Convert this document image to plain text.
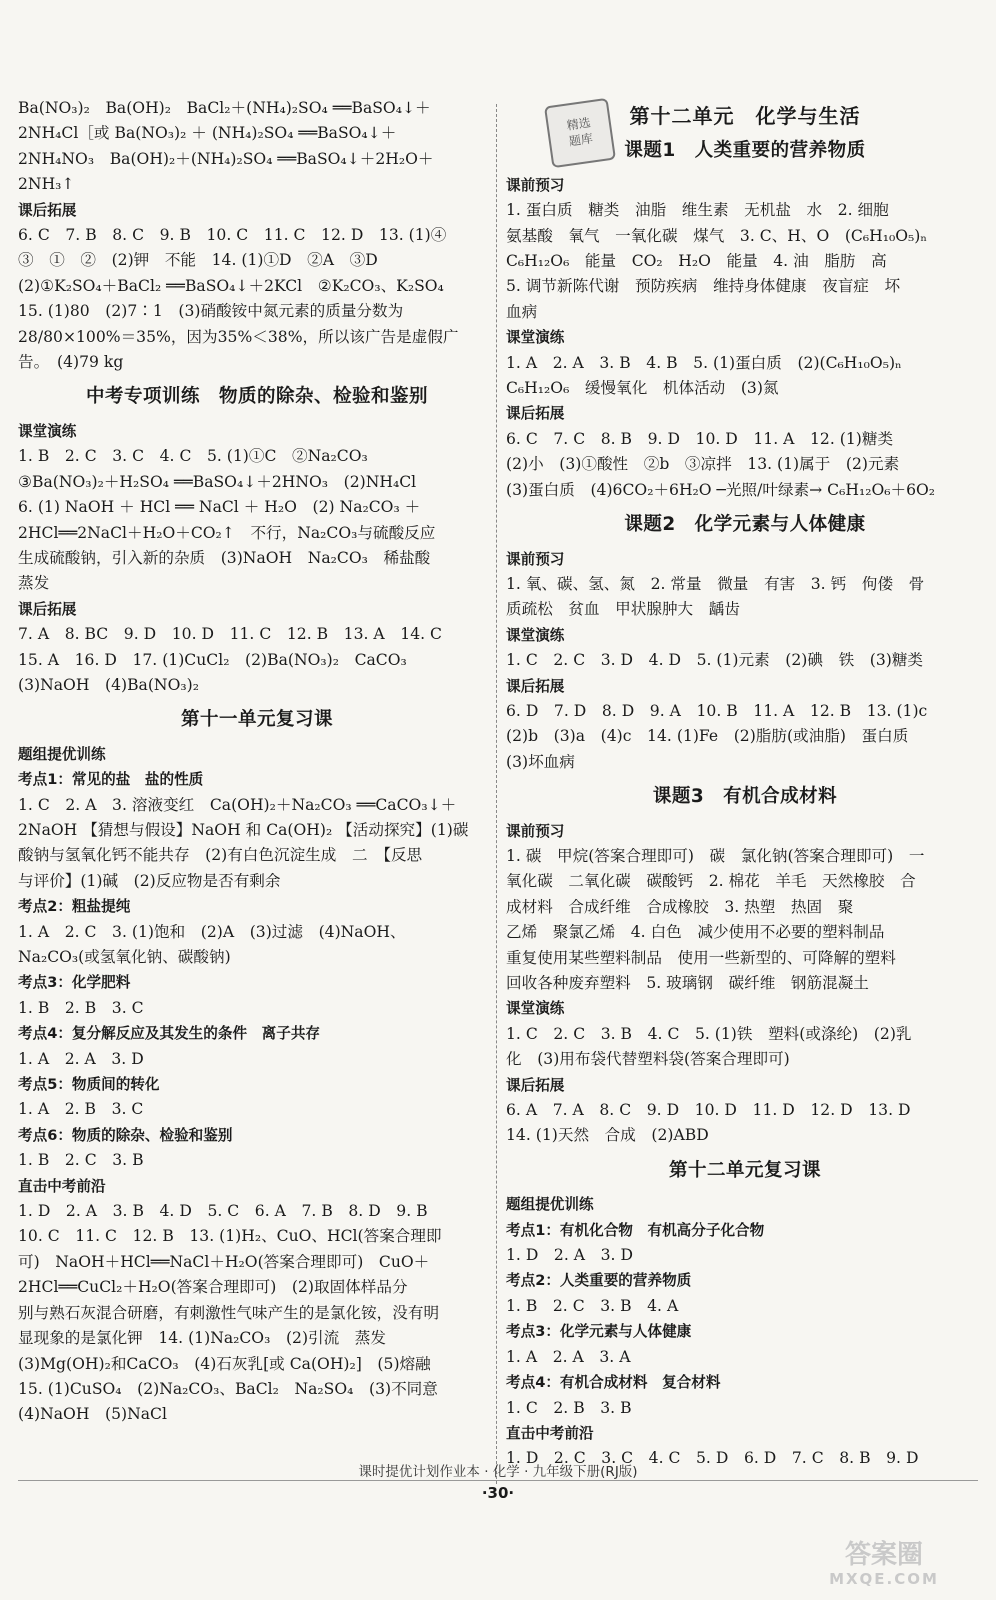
Ba(NO₃)₂　Ba(OH)₂　BaCl₂＋(NH₄)₂SO₄ ══BaSO₄↓＋
2NH₄Cl［或 Ba(NO₃)₂ ＋ (NH₄)₂SO₄ ══BaSO₄↓＋
2NH₄NO₃　Ba(OH)₂＋(NH₄)₂SO₄ ══BaSO₄↓＋2H₂O＋
2NH₃↑
课后拓展
6. C　7. B　8. C　9. B　10. C　11. C　12. D　13. (1)④
③　①　②　(2)钾　不能　14. (1)①D　②A　③D
(2)①K₂SO₄＋BaCl₂ ══BaSO₄↓＋2KCl　②K₂CO₃、K₂SO₄
15. (1)80　(2)7∶1　(3)硝酸铵中氮元素的质量分数为
28/80×100%＝35%，因为35%＜38%，所以该广告是虚假广
告。　(4)79 kg
中考专项训练　物质的除杂、检验和鉴别
课堂演练
1. B　2. C　3. C　4. C　5. (1)①C　②Na₂CO₃
③Ba(NO₃)₂＋H₂SO₄ ══BaSO₄↓＋2HNO₃　(2)NH₄Cl
6. (1) NaOH ＋ HCl ══ NaCl ＋ H₂O　(2) Na₂CO₃ ＋
2HCl══2NaCl＋H₂O＋CO₂↑　不行，Na₂CO₃与硫酸反应
生成硫酸钠，引入新的杂质　(3)NaOH　Na₂CO₃　稀盐酸
蒸发
课后拓展
7. A　8. BC　9. D　10. D　11. C　12. B　13. A　14. C
15. A　16. D　17. (1)CuCl₂　(2)Ba(NO₃)₂　CaCO₃
(3)NaOH　(4)Ba(NO₃)₂
第十一单元复习课
题组提优训练
考点1：常见的盐　盐的性质
1. C　2. A　3. 溶液变红　Ca(OH)₂＋Na₂CO₃ ══CaCO₃↓＋
2NaOH 【猜想与假设】NaOH 和 Ca(OH)₂ 【活动探究】(1)碳
酸钠与氢氧化钙不能共存　(2)有白色沉淀生成　二　【反思
与评价】(1)碱　(2)反应物是否有剩余
考点2：粗盐提纯
1. A　2. C　3. (1)饱和　(2)A　(3)过滤　(4)NaOH、
Na₂CO₃(或氢氧化钠、碳酸钠)
考点3：化学肥料
1. B　2. B　3. C
考点4：复分解反应及其发生的条件　离子共存
1. A　2. A　3. D
考点5：物质间的转化
1. A　2. B　3. C
考点6：物质的除杂、检验和鉴别
1. B　2. C　3. B
直击中考前沿
1. D　2. A　3. B　4. D　5. C　6. A　7. B　8. D　9. B
10. C　11. C　12. B　13. (1)H₂、CuO、HCl(答案合理即
可)　NaOH＋HCl══NaCl＋H₂O(答案合理即可)　CuO＋
2HCl══CuCl₂＋H₂O(答案合理即可)　(2)取固体样品分
别与熟石灰混合研磨，有刺激性气味产生的是氯化铵，没有明
显现象的是氯化钾　14. (1)Na₂CO₃　(2)引流　蒸发
(3)Mg(OH)₂和CaCO₃　(4)石灰乳[或 Ca(OH)₂]　(5)熔融
15. (1)CuSO₄　(2)Na₂CO₃、BaCl₂　Na₂SO₄　(3)不同意
(4)NaOH　(5)NaCl
第十二单元　化学与生活
课题1　人类重要的营养物质
课前预习
1. 蛋白质　糖类　油脂　维生素　无机盐　水　2. 细胞
氨基酸　氧气　一氧化碳　煤气　3. C、H、O　(C₆H₁₀O₅)ₙ
C₆H₁₂O₆　能量　CO₂　H₂O　能量　4. 油　脂肪　高
5. 调节新陈代谢　预防疾病　维持身体健康　夜盲症　坏
血病
课堂演练
1. A　2. A　3. B　4. B　5. (1)蛋白质　(2)(C₆H₁₀O₅)ₙ
C₆H₁₂O₆　缓慢氧化　机体活动　(3)氮
课后拓展
6. C　7. C　8. B　9. D　10. D　11. A　12. (1)糖类
(2)小　(3)①酸性　②b　③凉拌　13. (1)属于　(2)元素
(3)蛋白质　(4)6CO₂＋6H₂O ─光照/叶绿素→ C₆H₁₂O₆＋6O₂
课题2　化学元素与人体健康
课前预习
1. 氧、碳、氢、氮　2. 常量　微量　有害　3. 钙　佝偻　骨
质疏松　贫血　甲状腺肿大　龋齿
课堂演练
1. C　2. C　3. D　4. D　5. (1)元素　(2)碘　铁　(3)糖类
课后拓展
6. D　7. D　8. D　9. A　10. B　11. A　12. B　13. (1)c
(2)b　(3)a　(4)c　14. (1)Fe　(2)脂肪(或油脂)　蛋白质
(3)坏血病
课题3　有机合成材料
课前预习
1. 碳　甲烷(答案合理即可)　碳　氯化钠(答案合理即可)　一
氧化碳　二氧化碳　碳酸钙　2. 棉花　羊毛　天然橡胶　合
成材料　合成纤维　合成橡胶　3. 热塑　热固　聚
乙烯　聚氯乙烯　4. 白色　减少使用不必要的塑料制品
重复使用某些塑料制品　使用一些新型的、可降解的塑料
回收各种废弃塑料　5. 玻璃钢　碳纤维　钢筋混凝土
课堂演练
1. C　2. C　3. B　4. C　5. (1)铁　塑料(或涤纶)　(2)乳
化　(3)用布袋代替塑料袋(答案合理即可)
课后拓展
6. A　7. A　8. C　9. D　10. D　11. D　12. D　13. D
14. (1)天然　合成　(2)ABD
第十二单元复习课
题组提优训练
考点1：有机化合物　有机高分子化合物
1. D　2. A　3. D
考点2：人类重要的营养物质
1. B　2. C　3. B　4. A
考点3：化学元素与人体健康
1. A　2. A　3. A
考点4：有机合成材料　复合材料
1. C　2. B　3. B
直击中考前沿
1. D　2. C　3. C　4. C　5. D　6. D　7. C　8. B　9. D
精选
题库
课时提优计划作业本 · 化学 · 九年级下册(RJ版)
·30·
答案圈
MXQE.COM
